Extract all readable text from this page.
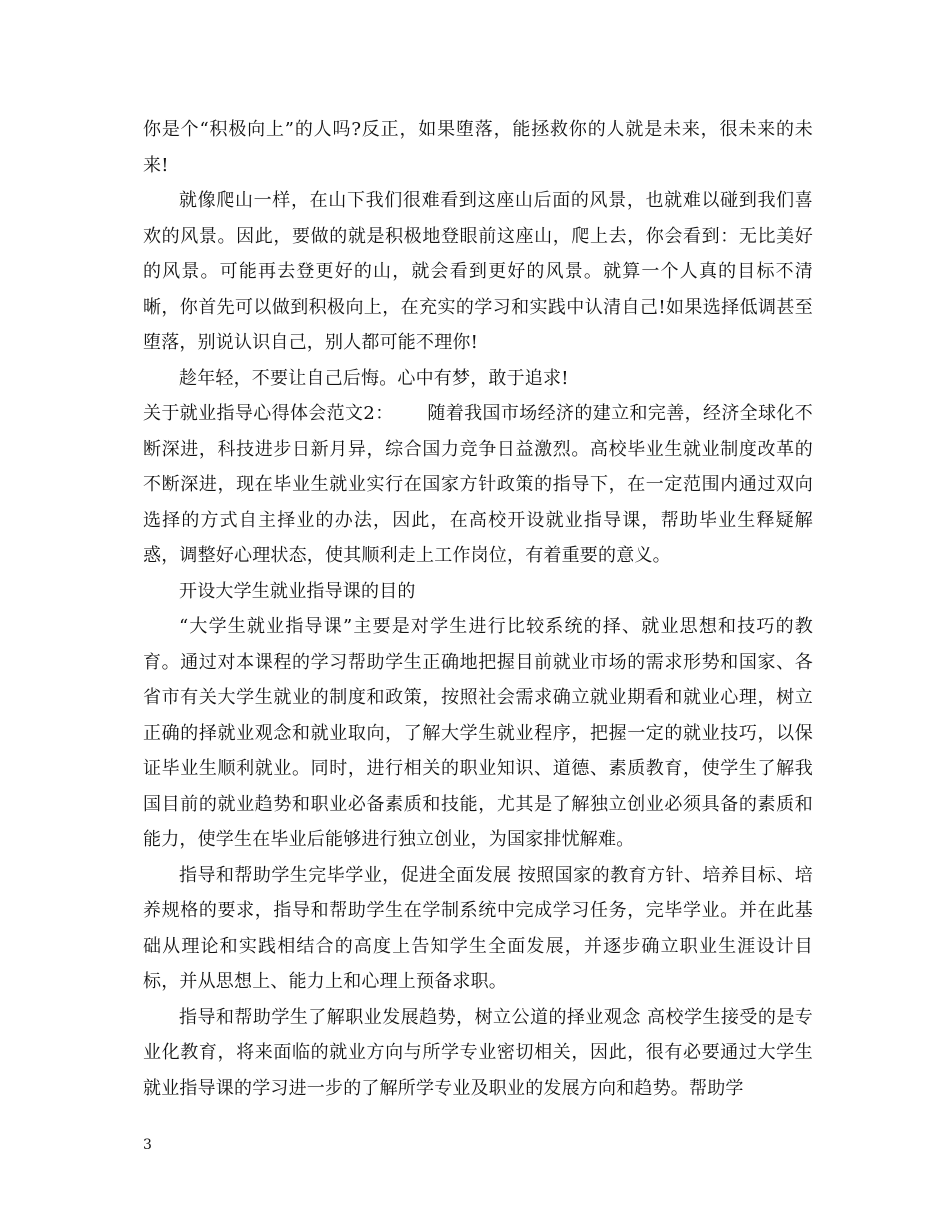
你是个“积极向上”的人吗?反正，如果堕落，能拯救你的人就是未来，很未来的未来!

就像爬山一样，在山下我们很难看到这座山后面的风景，也就难以碰到我们喜欢的风景。因此，要做的就是积极地登眼前这座山，爬上去，你会看到：无比美好的风景。可能再去登更好的山，就会看到更好的风景。就算一个人真的目标不清晰，你首先可以做到积极向上，在充实的学习和实践中认清自己!如果选择低调甚至堕落，别说认识自己，别人都可能不理你!

趁年轻，不要让自己后悔。心中有梦，敢于追求!

关于就业指导心得体会范文2：　　 随着我国市场经济的建立和完善，经济全球化不断深进，科技进步日新月异，综合国力竞争日益激烈。高校毕业生就业制度改革的不断深进，现在毕业生就业实行在国家方针政策的指导下，在一定范围内通过双向选择的方式自主择业的办法，因此，在高校开设就业指导课，帮助毕业生释疑解惑，调整好心理状态，使其顺利走上工作岗位，有着重要的意义。

开设大学生就业指导课的目的

“大学生就业指导课”主要是对学生进行比较系统的择、就业思想和技巧的教育。通过对本课程的学习帮助学生正确地把握目前就业市场的需求形势和国家、各省市有关大学生就业的制度和政策，按照社会需求确立就业期看和就业心理，树立正确的择就业观念和就业取向，了解大学生就业程序，把握一定的就业技巧，以保证毕业生顺利就业。同时，进行相关的职业知识、道德、素质教育，使学生了解我国目前的就业趋势和职业必备素质和技能，尤其是了解独立创业必须具备的素质和能力，使学生在毕业后能够进行独立创业，为国家排忧解难。

指导和帮助学生完毕学业，促进全面发展 按照国家的教育方针、培养目标、培养规格的要求，指导和帮助学生在学制系统中完成学习任务，完毕学业。并在此基础从理论和实践相结合的高度上告知学生全面发展，并逐步确立职业生涯设计目标，并从思想上、能力上和心理上预备求职。

指导和帮助学生了解职业发展趋势，树立公道的择业观念 高校学生接受的是专业化教育，将来面临的就业方向与所学专业密切相关，因此，很有必要通过大学生就业指导课的学习进一步的了解所学专业及职业的发展方向和趋势。帮助学

3
